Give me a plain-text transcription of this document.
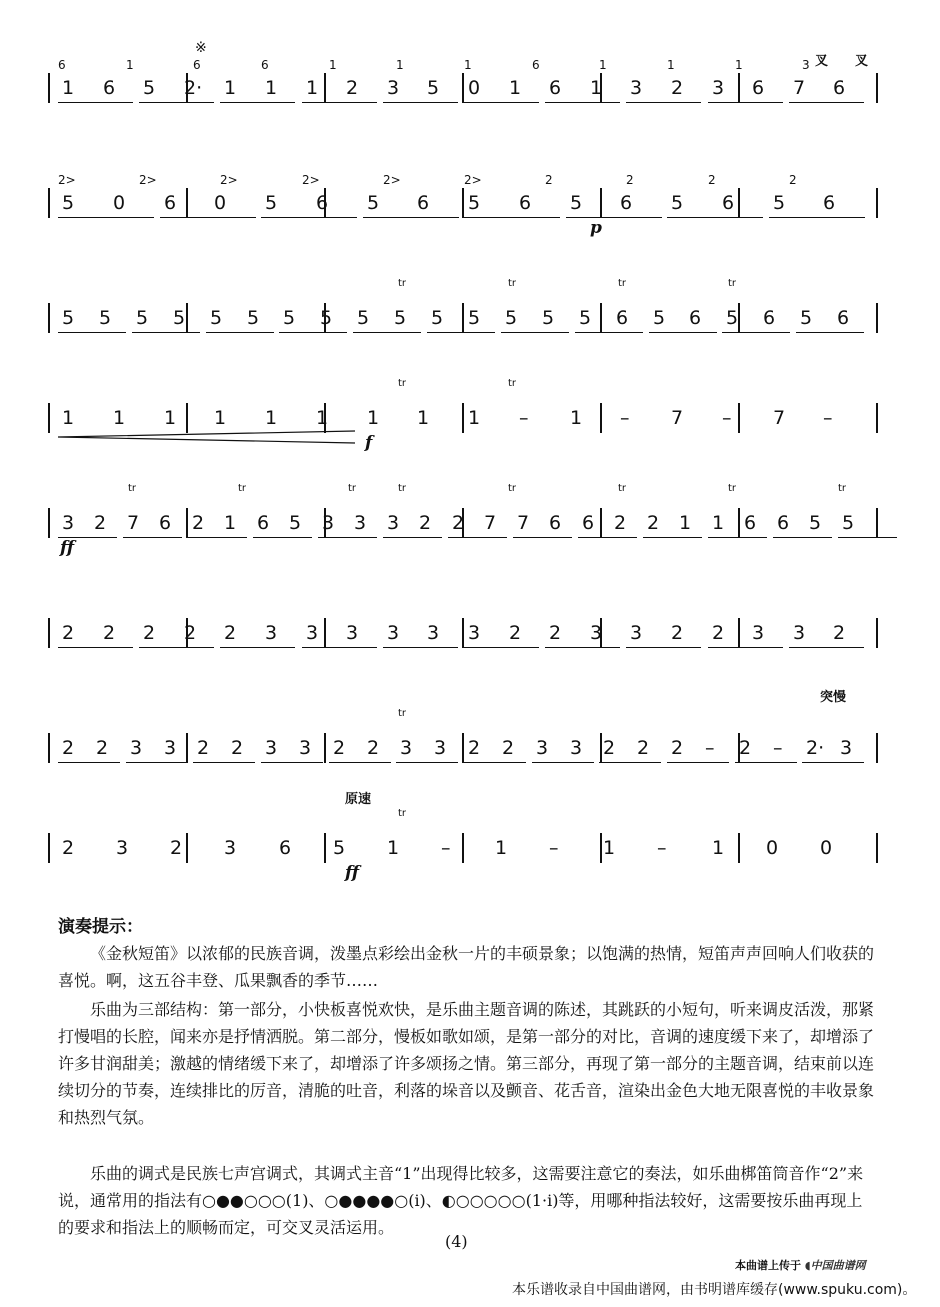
1 6 5 2· 1 1 1 2 3 5 0 1 6 1 3 2 3 6 7 6
6	1	6	6	1	1	1	6	1	1	1	3 叉 叉
※
5 0 6 0 5 6 5 6 5 6 5 6 5 6 5 6
2>	2>	2>	2>	2>	2>	2	2	2	2
p
5 5 5 5 5 5 5 5 5 5 5 5 5 5 5 6 5 6 5 6 5 6
tr	tr	tr	tr
1 1 1 1 1 1 1 1 1 – 1 – 7 – 7 –
tr	tr
f
3 2 7 6 2 1 6 5 3 3 3 2 2 7 7 6 6 2 2 1 1 6 6 5 5
tr	tr	tr	tr	tr
tr	tr	tr
ff
2 2 2 2 2 3 3 3 3 3 3 2 2 3 3 2 2 3 3 2
2 2 3 3 2 2 3 3 2 2 3 3 2 2 3 3 2 2 2 – 2 – 2· 3
tr
突慢
2 3 2 3 6 5 1 – 1 – 1 – 1 0 0
tr
原速
ff
演奏提示：
《金秋短笛》以浓郁的民族音调，泼墨点彩绘出金秋一片的丰硕景象；以饱满的热情，短笛声声回响人们收获的喜悦。啊，这五谷丰登、瓜果飘香的季节……
乐曲为三部结构：第一部分，小快板喜悦欢快，是乐曲主题音调的陈述，其跳跃的小短句，听来调皮活泼，那紧打慢唱的长腔，闻来亦是抒情洒脱。第二部分，慢板如歌如颂，是第一部分的对比，音调的速度缓下来了，却增添了许多甘润甜美；激越的情绪缓下来了，却增添了许多颂扬之情。第三部分，再现了第一部分的主题音调，结束前以连续切分的节奏，连续排比的厉音，清脆的吐音，利落的垛音以及颤音、花舌音，渲染出金色大地无限喜悦的丰收景象和热烈气氛。
乐曲的调式是民族七声宫调式，其调式主音“1”出现得比较多，这需要注意它的奏法，如乐曲梆笛筒音作“2”来说，通常用的指法有○●●○○○(1)、○●●●●○(i)、◐○○○○○(1·i)等，用哪种指法较好，这需要按乐曲再现上的要求和指法上的顺畅而定，可交叉灵活运用。
(4)
本曲谱上传于 ◖中国曲谱网
本乐谱收录自中国曲谱网，由书明谱库缓存(www.spuku.com)。
